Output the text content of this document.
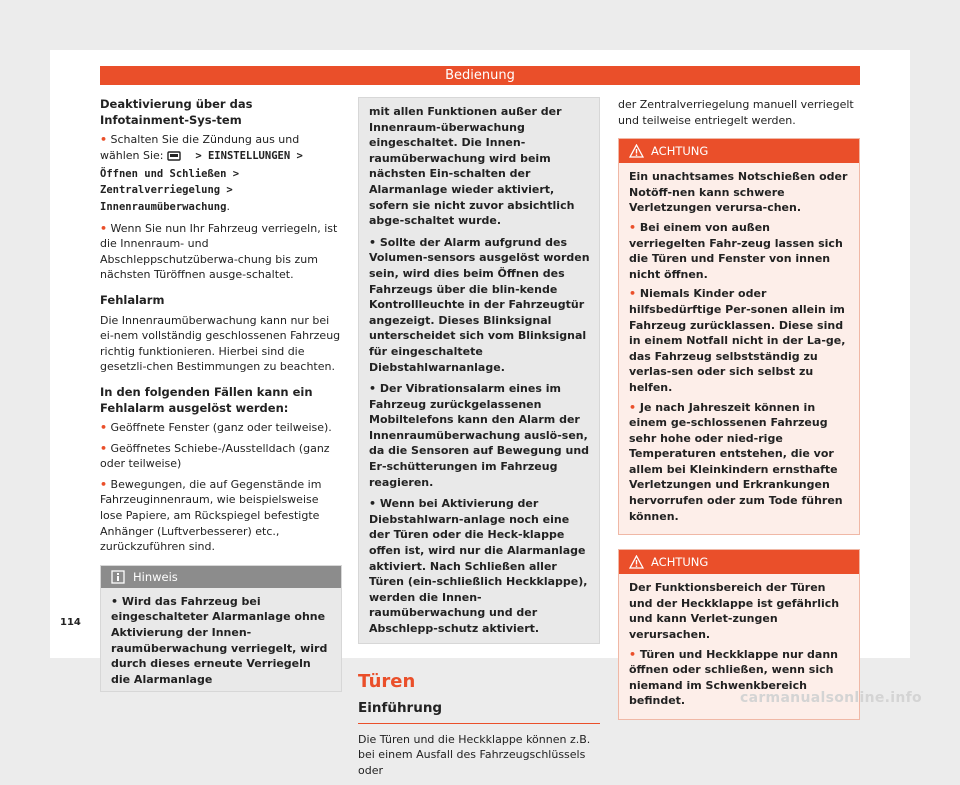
Bedienung
Deaktivierung über das Infotainment-Sys-tem

• Schalten Sie die Zündung aus und wählen Sie:  > EINSTELLUNGEN > Öffnen und Schließen > Zentralverriegelung > Innenraumüberwachung.

• Wenn Sie nun Ihr Fahrzeug verriegeln, ist die Innenraum- und Abschleppschutzüberwa-chung bis zum nächsten Türöffnen ausge-schaltet.

Fehlalarm

Die Innenraumüberwachung kann nur bei ei-nem vollständig geschlossenen Fahrzeug richtig funktionieren. Hierbei sind die gesetzli-chen Bestimmungen zu beachten.

In den folgenden Fällen kann ein Fehlalarm ausgelöst werden:

• Geöffnete Fenster (ganz oder teilweise).

• Geöffnetes Schiebe-/Ausstelldach (ganz oder teilweise)

• Bewegungen, die auf Gegenstände im Fahrzeuginnenraum, wie beispielsweise lose Papiere, am Rückspiegel befestigte Anhänger (Luftverbesserer) etc., zurückzuführen sind.

Hinweis
• Wird das Fahrzeug bei eingeschalteter Alarmanlage ohne Aktivierung der Innen-raumüberwachung verriegelt, wird durch dieses erneute Verriegeln die Alarmanlage

mit allen Funktionen außer der Innenraum-überwachung eingeschaltet. Die Innen-raumüberwachung wird beim nächsten Ein-schalten der Alarmanlage wieder aktiviert, sofern sie nicht zuvor absichtlich abge-schaltet wurde.

• Sollte der Alarm aufgrund des Volumen-sensors ausgelöst worden sein, wird dies beim Öffnen des Fahrzeugs über die blin-kende Kontrollleuchte in der Fahrzeugtür angezeigt. Dieses Blinksignal unterscheidet sich vom Blinksignal für eingeschaltete Diebstahlwarnanlage.

• Der Vibrationsalarm eines im Fahrzeug zurückgelassenen Mobiltelefons kann den Alarm der Innenraumüberwachung auslö-sen, da die Sensoren auf Bewegung und Er-schütterungen im Fahrzeug reagieren.

• Wenn bei Aktivierung der Diebstahlwarn-anlage noch eine der Türen oder die Heck-klappe offen ist, wird nur die Alarmanlage aktiviert. Nach Schließen aller Türen (ein-schließlich Heckklappe), werden die Innen-raumüberwachung und der Abschlepp-schutz aktiviert.

Türen
Einführung

Die Türen und die Heckklappe können z.B. bei einem Ausfall des Fahrzeugschlüssels oder

der Zentralverriegelung manuell verriegelt und teilweise entriegelt werden.

ACHTUNG

Ein unachtsames Notschießen oder Notöff-nen kann schwere Verletzungen verursa-chen.

• Bei einem von außen verriegelten Fahr-zeug lassen sich die Türen und Fenster von innen nicht öffnen.

• Niemals Kinder oder hilfsbedürftige Per-sonen allein im Fahrzeug zurücklassen. Diese sind in einem Notfall nicht in der La-ge, das Fahrzeug selbstständig zu verlas-sen oder sich selbst zu helfen.

• Je nach Jahreszeit können in einem ge-schlossenen Fahrzeug sehr hohe oder nied-rige Temperaturen entstehen, die vor allem bei Kleinkindern ernsthafte Verletzungen und Erkrankungen hervorrufen oder zum Tode führen können.

ACHTUNG

Der Funktionsbereich der Türen und der Heckklappe ist gefährlich und kann Verlet-zungen verursachen.

• Türen und Heckklappe nur dann öffnen oder schließen, wenn sich niemand im Schwenkbereich befindet.

114
carmanualsonline.info
